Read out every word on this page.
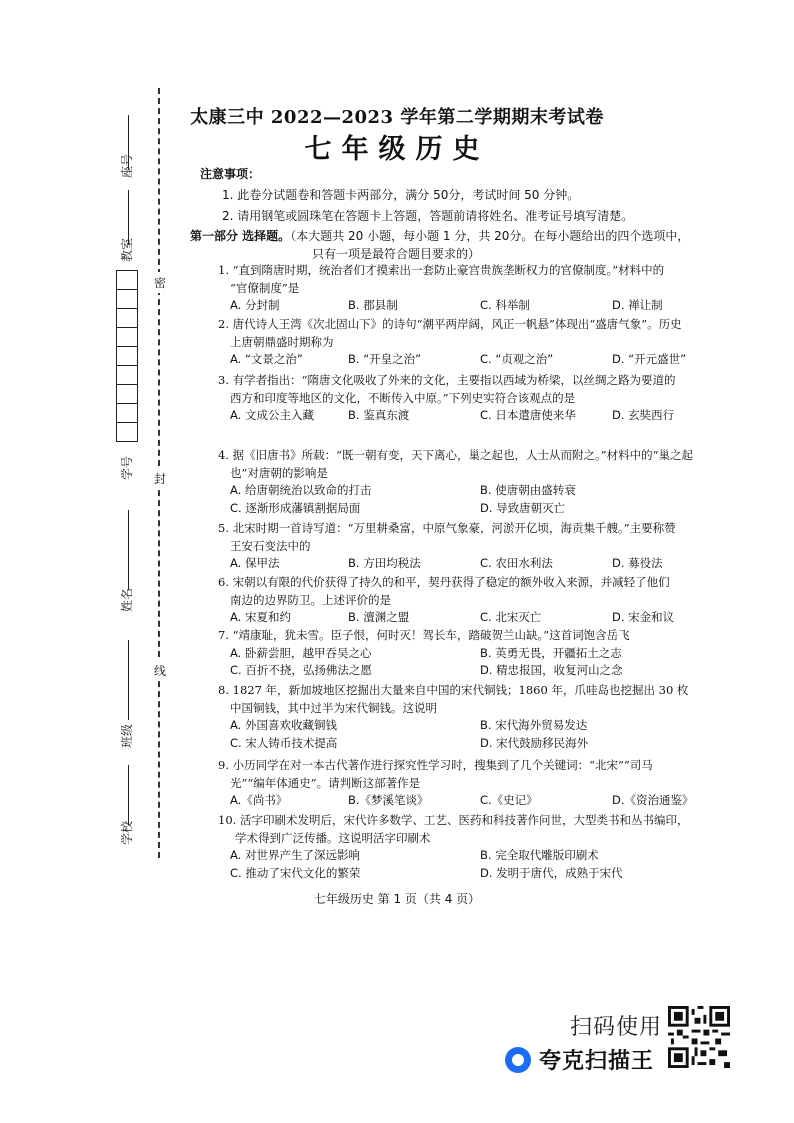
座号
教室
学号
姓名
班级
学校
密
封
线
太康三中 2022—2023 学年第二学期期末考试卷
七年级历史
注意事项：
1. 此卷分试题卷和答题卡两部分，满分 50分，考试时间 50 分钟。
2. 请用钢笔或圆珠笔在答题卡上答题，答题前请将姓名、准考证号填写清楚。
第一部分 选择题。（本大题共 20 小题，每小题 1 分，共 20分。在每小题给出的四个选项中，
只有一项是最符合题目要求的）
1. “直到隋唐时期，统治者们才摸索出一套防止豪宫贵族垄断权力的官僚制度。”材料中的
“官僚制度”是
A. 分封制	B. 郡县制	C. 科举制	D. 禅让制
2. 唐代诗人王湾《次北固山下》的诗句“潮平两岸阔，风正一帆悬”体现出“盛唐气象”。历史
上唐朝鼎盛时期称为
A. “文景之治”	B. “开皇之治”	C. “贞观之治”	D. “开元盛世”
3. 有学者指出：“隋唐文化吸收了外来的文化，主要指以西域为桥梁，以丝绸之路为要道的
西方和印度等地区的文化，不断传入中原。”下列史实符合该观点的是
A. 文成公主入藏	B. 鉴真东渡	C. 日本遣唐使来华	D. 玄奘西行
4. 据《旧唐书》所载：“既一朝有变，天下离心，巢之起也，人士从而附之。”材料中的“巢之起
也”对唐朝的影响是
A. 给唐朝统治以致命的打击	B. 使唐朝由盛转衰
C. 逐渐形成藩镇割据局面	D. 导致唐朝灭亡
5. 北宋时期一首诗写道：“万里耕桑富，中原气象豪，河淤开亿顷，海贡集千艘。”主要称赞
王安石变法中的
A. 保甲法	B. 方田均税法	C. 农田水利法	D. 募役法
6. 宋朝以有限的代价获得了持久的和平，契丹获得了稳定的额外收入来源，并减轻了他们
南边的边界防卫。上述评价的是
A. 宋夏和约	B. 澶渊之盟	C. 北宋灭亡	D. 宋金和议
7. “靖康耻，犹未雪。臣子恨，何时灭！驾长车，踏破贺兰山缺。”这首词饱含岳飞
A. 卧薪尝胆，越甲吞吴之心	B. 英勇无畏，开疆拓土之志
C. 百折不挠，弘扬佛法之愿	D. 精忠报国，收复河山之念
8. 1827 年，新加坡地区挖掘出大量来自中国的宋代铜钱；1860 年，爪哇岛也挖掘出 30 枚
中国铜钱，其中过半为宋代铜钱。这说明
A. 外国喜欢收藏铜钱	B. 宋代海外贸易发达
C. 宋人铸币技术提高	D. 宋代鼓励移民海外
9. 小历同学在对一本古代著作进行探究性学习时，搜集到了几个关键词：“北宋”“司马
光”“编年体通史”。请判断这部著作是
A.《尚书》	B.《梦溪笔谈》	C.《史记》	D.《资治通鉴》
10. 活字印刷术发明后，宋代许多数学、工艺、医药和科技著作问世，大型类书和丛书编印，
学术得到广泛传播。这说明活字印刷术
A. 对世界产生了深远影响	B. 完全取代雕版印刷术
C. 推动了宋代文化的繁荣	D. 发明于唐代，成熟于宋代
七年级历史 第 1 页（共 4 页）
扫码使用
夸克扫描王
